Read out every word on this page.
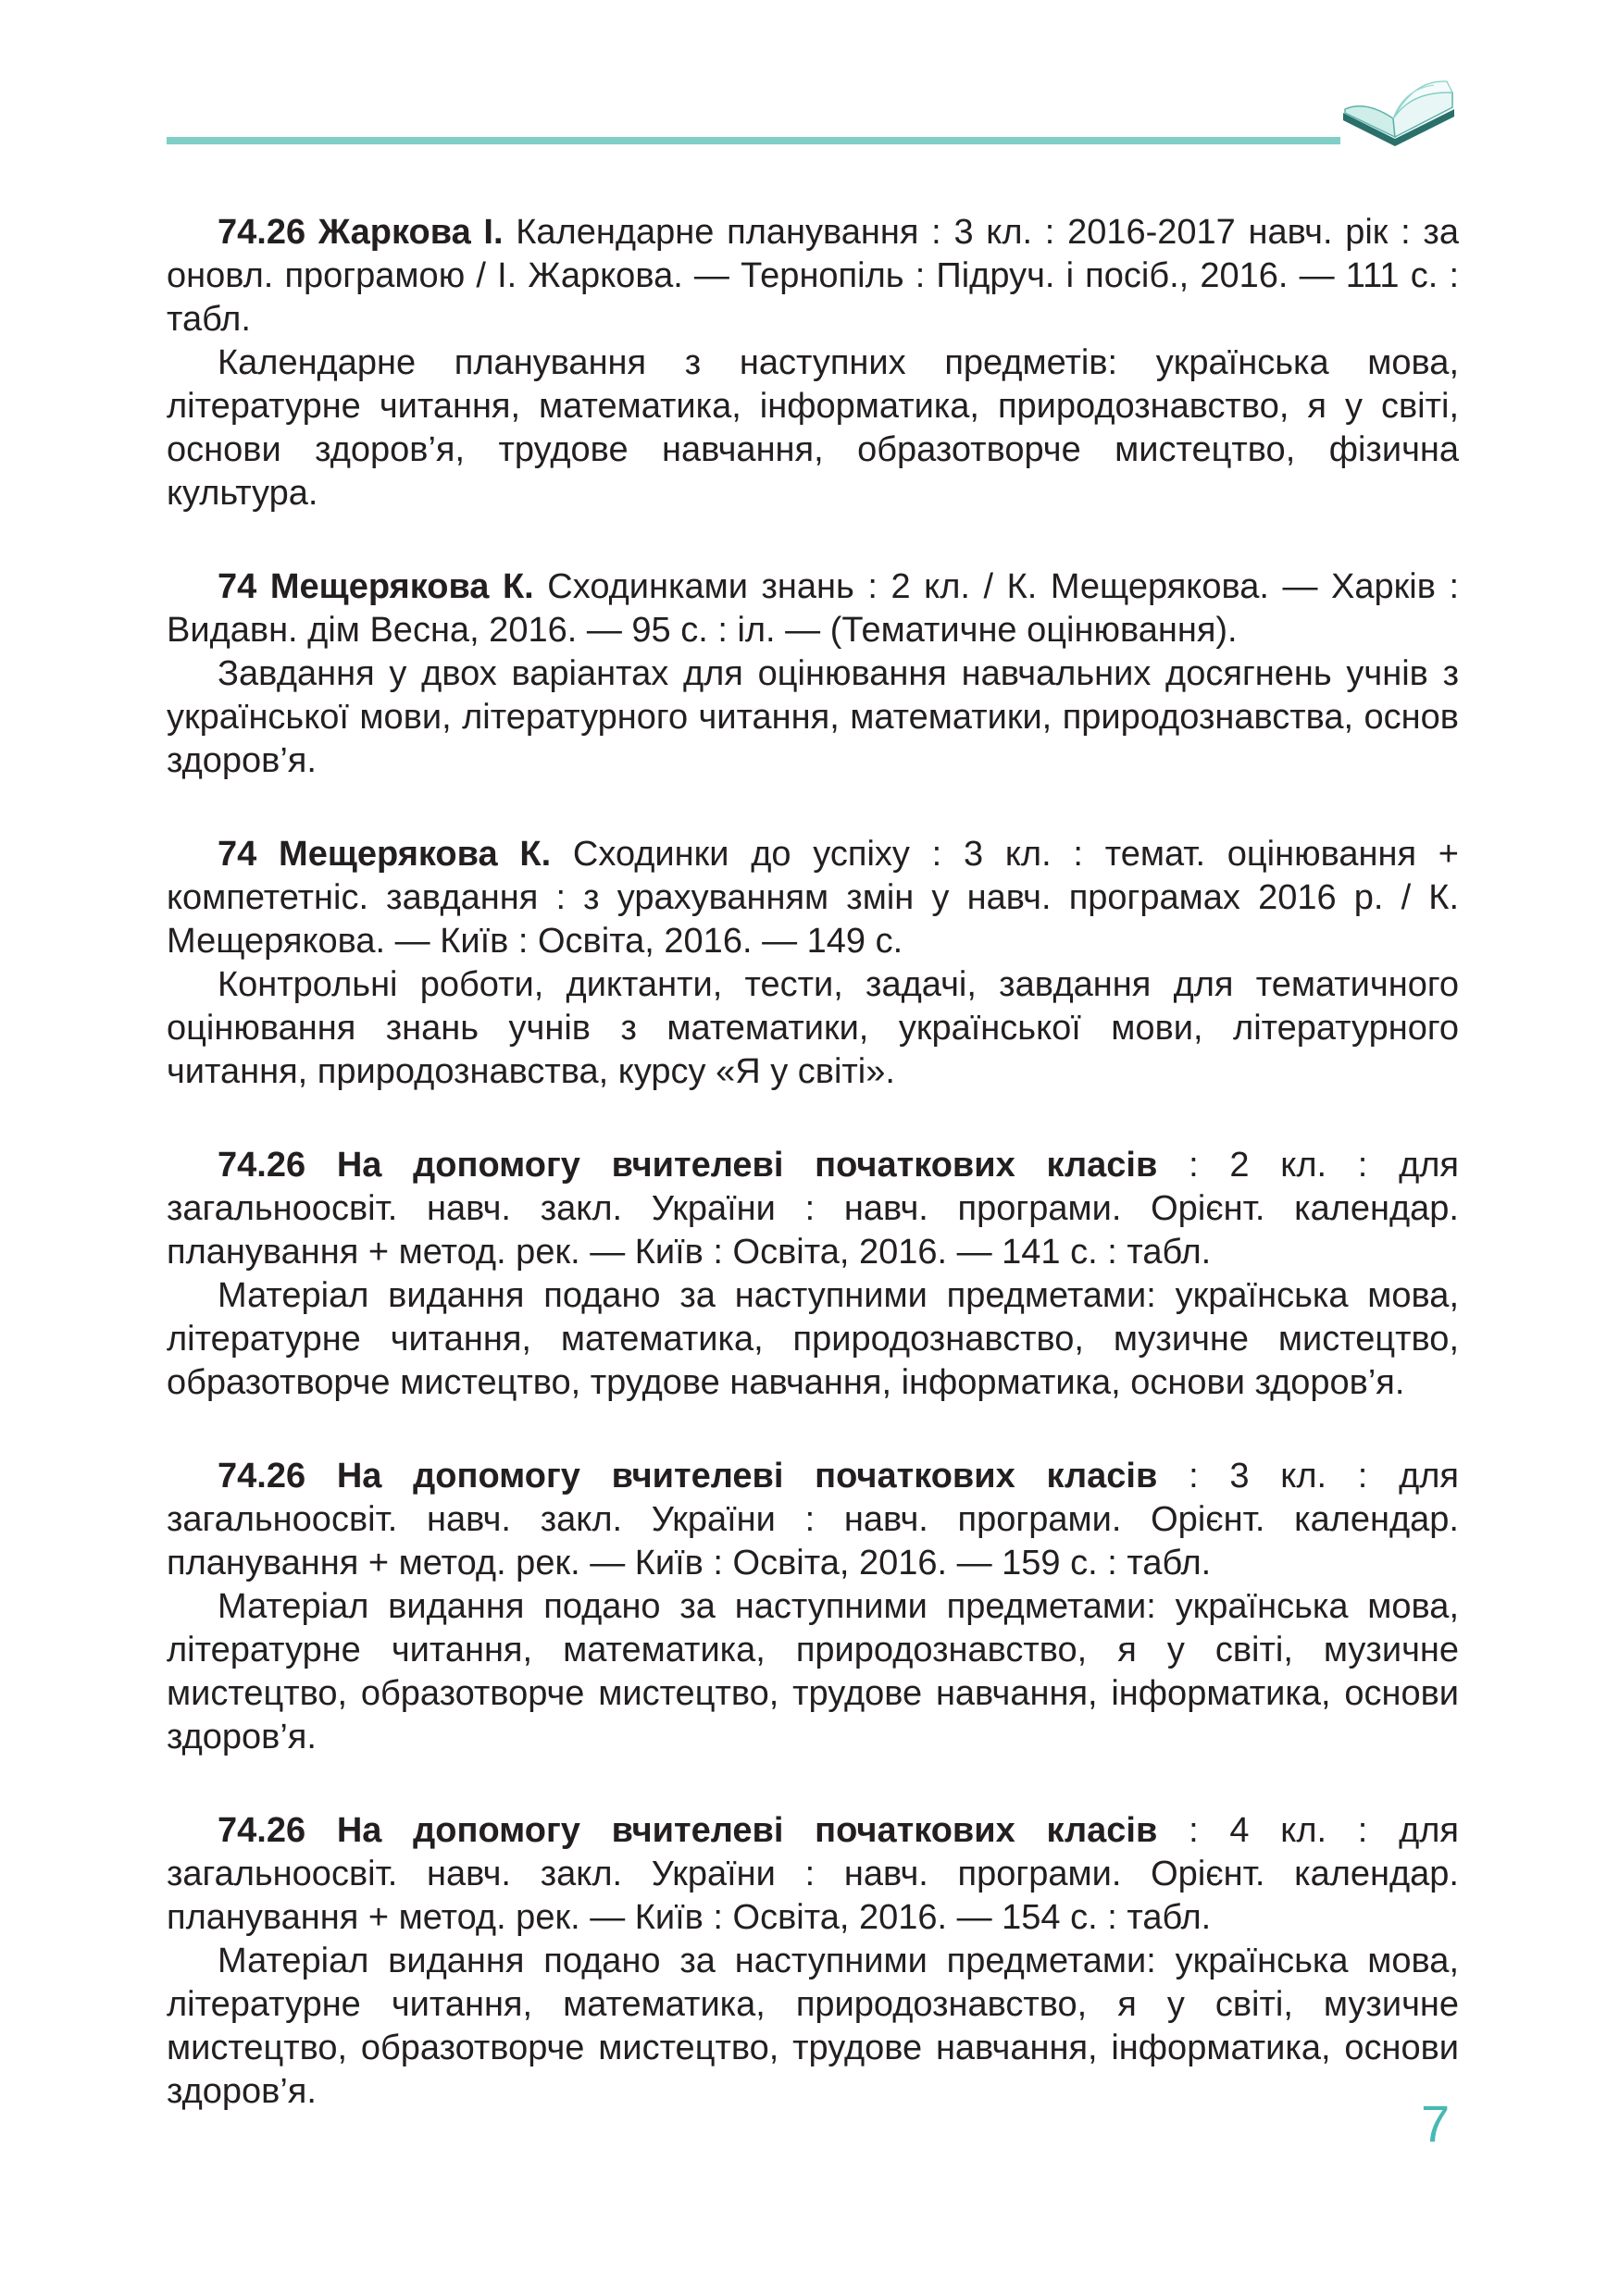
74.26 Жаркова І. Календарне планування : 3 кл. : 2016-2017 навч. рік : за оновл. програмою / І. Жаркова. — Тернопіль : Підруч. і посіб., 2016. — 111 с. : табл.

Календарне планування з наступних предметів: українська мова, літературне читання, математика, інформатика, природознавство, я у світі, основи здоров’я, трудове навчання, образотворче мистецтво, фізична культура.

74 Мещерякова К. Сходинками знань : 2 кл. / К. Мещерякова. — Харків : Видавн. дім Весна, 2016. — 95 с. : іл. — (Тематичне оцінювання).

Завдання у двох варіантах для оцінювання навчальних досягнень учнів з української мови, літературного читання, математики, природознавства, основ здоров’я.

74 Мещерякова К. Сходинки до успіху : 3 кл. : темат. оцінювання + компететніс. завдання : з урахуванням змін у навч. програмах 2016 р. / К. Мещерякова. — Київ : Освіта, 2016. — 149 с.

Контрольні роботи, диктанти, тести, задачі, завдання для тематичного оцінювання знань учнів з математики, української мови, літературного читання, природознавства, курсу «Я у світі».

74.26 На допомогу вчителеві початкових класів : 2 кл. : для загальноосвіт. навч. закл. України : навч. програми. Орієнт. календар. планування + метод. рек. — Київ : Освіта, 2016. — 141 с. : табл.

Матеріал видання подано за наступними предметами: українська мова, літературне читання, математика, природознавство, музичне мистецтво, образотворче мистецтво, трудове навчання, інформатика, основи здоров’я.

74.26 На допомогу вчителеві початкових класів : 3 кл. : для загальноосвіт. навч. закл. України : навч. програми. Орієнт. календар. планування + метод. рек. — Київ : Освіта, 2016. — 159 с. : табл.

Матеріал видання подано за наступними предметами: українська мова, літературне читання, математика, природознавство, я у світі, музичне мистецтво, образотворче мистецтво, трудове навчання, інформатика, основи здоров’я.

74.26 На допомогу вчителеві початкових класів : 4 кл. : для загальноосвіт. навч. закл. України : навч. програми. Орієнт. календар. планування + метод. рек. — Київ : Освіта, 2016. — 154 с. : табл.

Матеріал видання подано за наступними предметами: українська мова, літературне читання, математика, природознавство, я у світі, музичне мистецтво, образотворче мистецтво, трудове навчання, інформатика, основи здоров’я.

7
